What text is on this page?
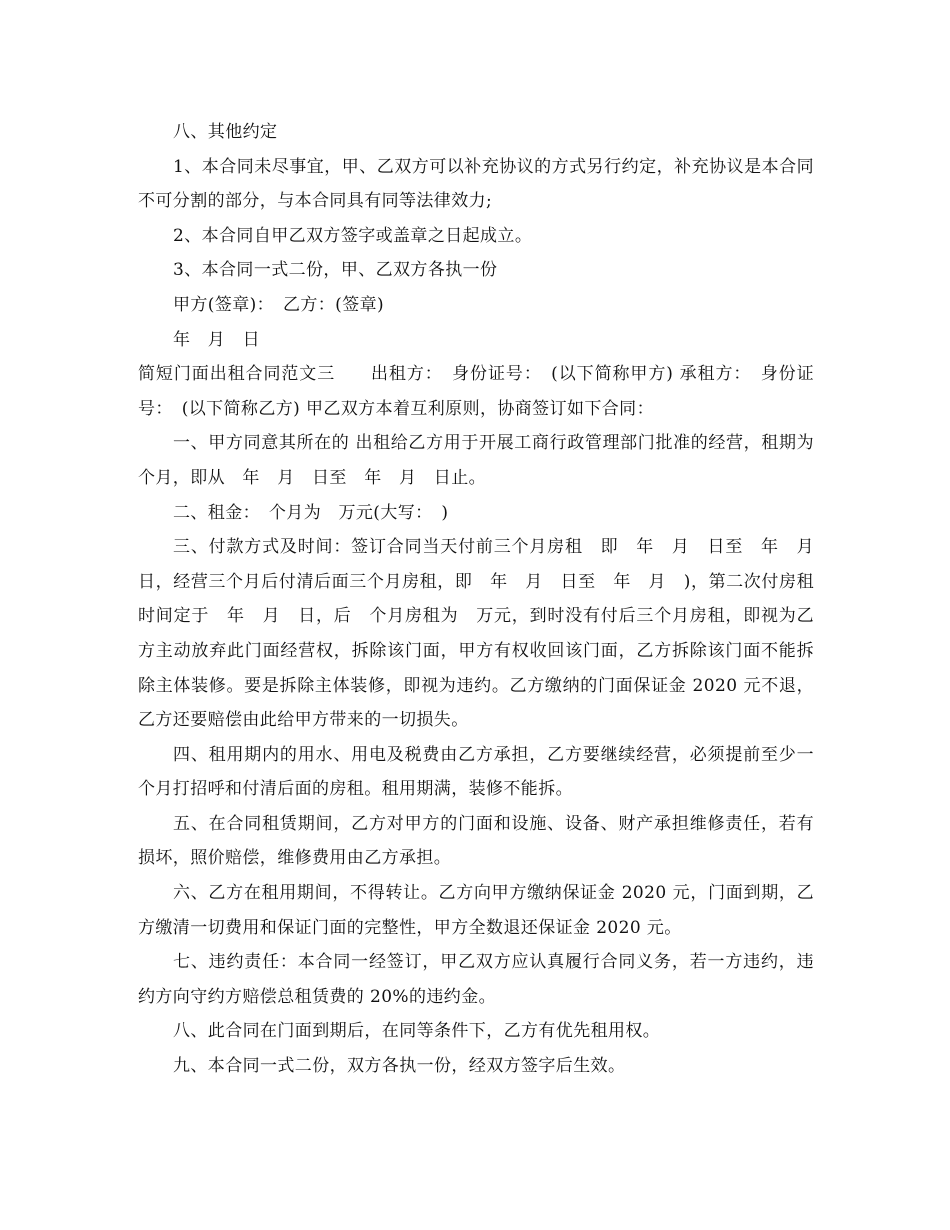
八、其他约定

1、本合同未尽事宜，甲、乙双方可以补充协议的方式另行约定，补充协议是本合同不可分割的部分，与本合同具有同等法律效力;

2、本合同自甲乙双方签字或盖章之日起成立。

3、本合同一式二份，甲、乙双方各执一份

甲方(签章)：　乙方：(签章)

年　月　日

简短门面出租合同范文三　　出租方：　身份证号：　(以下简称甲方) 承租方：　身份证号：　(以下简称乙方) 甲乙双方本着互利原则，协商签订如下合同：

一、甲方同意其所在的 出租给乙方用于开展工商行政管理部门批准的经营，租期为 个月，即从　年　月　日至　年　月　日止。

二、租金：　个月为　万元(大写：　)

三、付款方式及时间：签订合同当天付前三个月房租　即　年　月　日至　年　月　日，经营三个月后付清后面三个月房租，即　年　月　日至　年　月　)，第二次付房租时间定于　年　月　日，后　个月房租为　万元，到时没有付后三个月房租，即视为乙方主动放弃此门面经营权，拆除该门面，甲方有权收回该门面，乙方拆除该门面不能拆除主体装修。要是拆除主体装修，即视为违约。乙方缴纳的门面保证金 2020 元不退，乙方还要赔偿由此给甲方带来的一切损失。

四、租用期内的用水、用电及税费由乙方承担，乙方要继续经营，必须提前至少一个月打招呼和付清后面的房租。租用期满，装修不能拆。

五、在合同租赁期间，乙方对甲方的门面和设施、设备、财产承担维修责任，若有损坏，照价赔偿，维修费用由乙方承担。

六、乙方在租用期间，不得转让。乙方向甲方缴纳保证金 2020 元，门面到期，乙方缴清一切费用和保证门面的完整性，甲方全数退还保证金 2020 元。

七、违约责任：本合同一经签订，甲乙双方应认真履行合同义务，若一方违约，违约方向守约方赔偿总租赁费的 20%的违约金。

八、此合同在门面到期后，在同等条件下，乙方有优先租用权。

九、本合同一式二份，双方各执一份，经双方签字后生效。
